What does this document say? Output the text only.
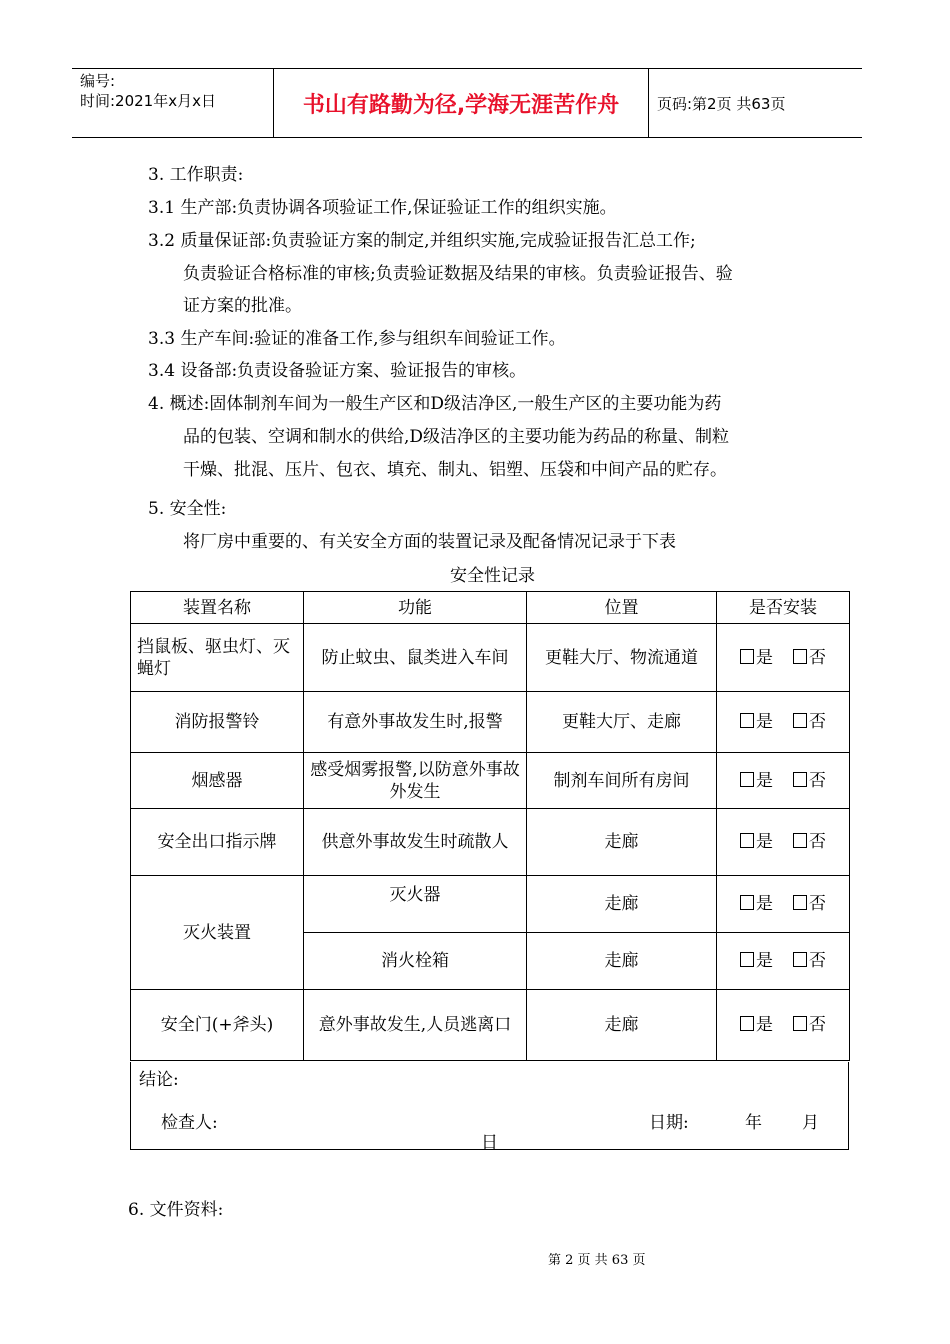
编号:
时间:2021年x月x日	书山有路勤为径,学海无涯苦作舟	页码:第2页 共63页
3. 工作职责:
3.1 生产部:负责协调各项验证工作,保证验证工作的组织实施。
3.2 质量保证部:负责验证方案的制定,并组织实施,完成验证报告汇总工作;
负责验证合格标准的审核;负责验证数据及结果的审核。负责验证报告、验
证方案的批准。
3.3 生产车间:验证的准备工作,参与组织车间验证工作。
3.4 设备部:负责设备验证方案、验证报告的审核。
4. 概述:固体制剂车间为一般生产区和D级洁净区,一般生产区的主要功能为药
品的包装、空调和制水的供给,D级洁净区的主要功能为药品的称量、制粒
干燥、批混、压片、包衣、填充、制丸、铝塑、压袋和中间产品的贮存。
5. 安全性:
将厂房中重要的、有关安全方面的装置记录及配备情况记录于下表
安全性记录
装置名称	功能	位置	是否安装
挡鼠板、驱虫灯、灭蝇灯	防止蚊虫、鼠类进入车间	更鞋大厅、物流通道	是 否
消防报警铃	有意外事故发生时,报警	更鞋大厅、走廊	是 否
烟感器	感受烟雾报警,以防意外事故外发生	制剂车间所有房间	是 否
安全出口指示牌	供意外事故发生时疏散人	走廊	是 否
灭火装置	灭火器	走廊	是 否
	消火栓箱	走廊	是 否
安全门(+斧头)	意外事故发生,人员逃离口	走廊	是 否
结论:
检查人:	日期:	年 月
日
6. 文件资料:
第 2 页 共 63 页
